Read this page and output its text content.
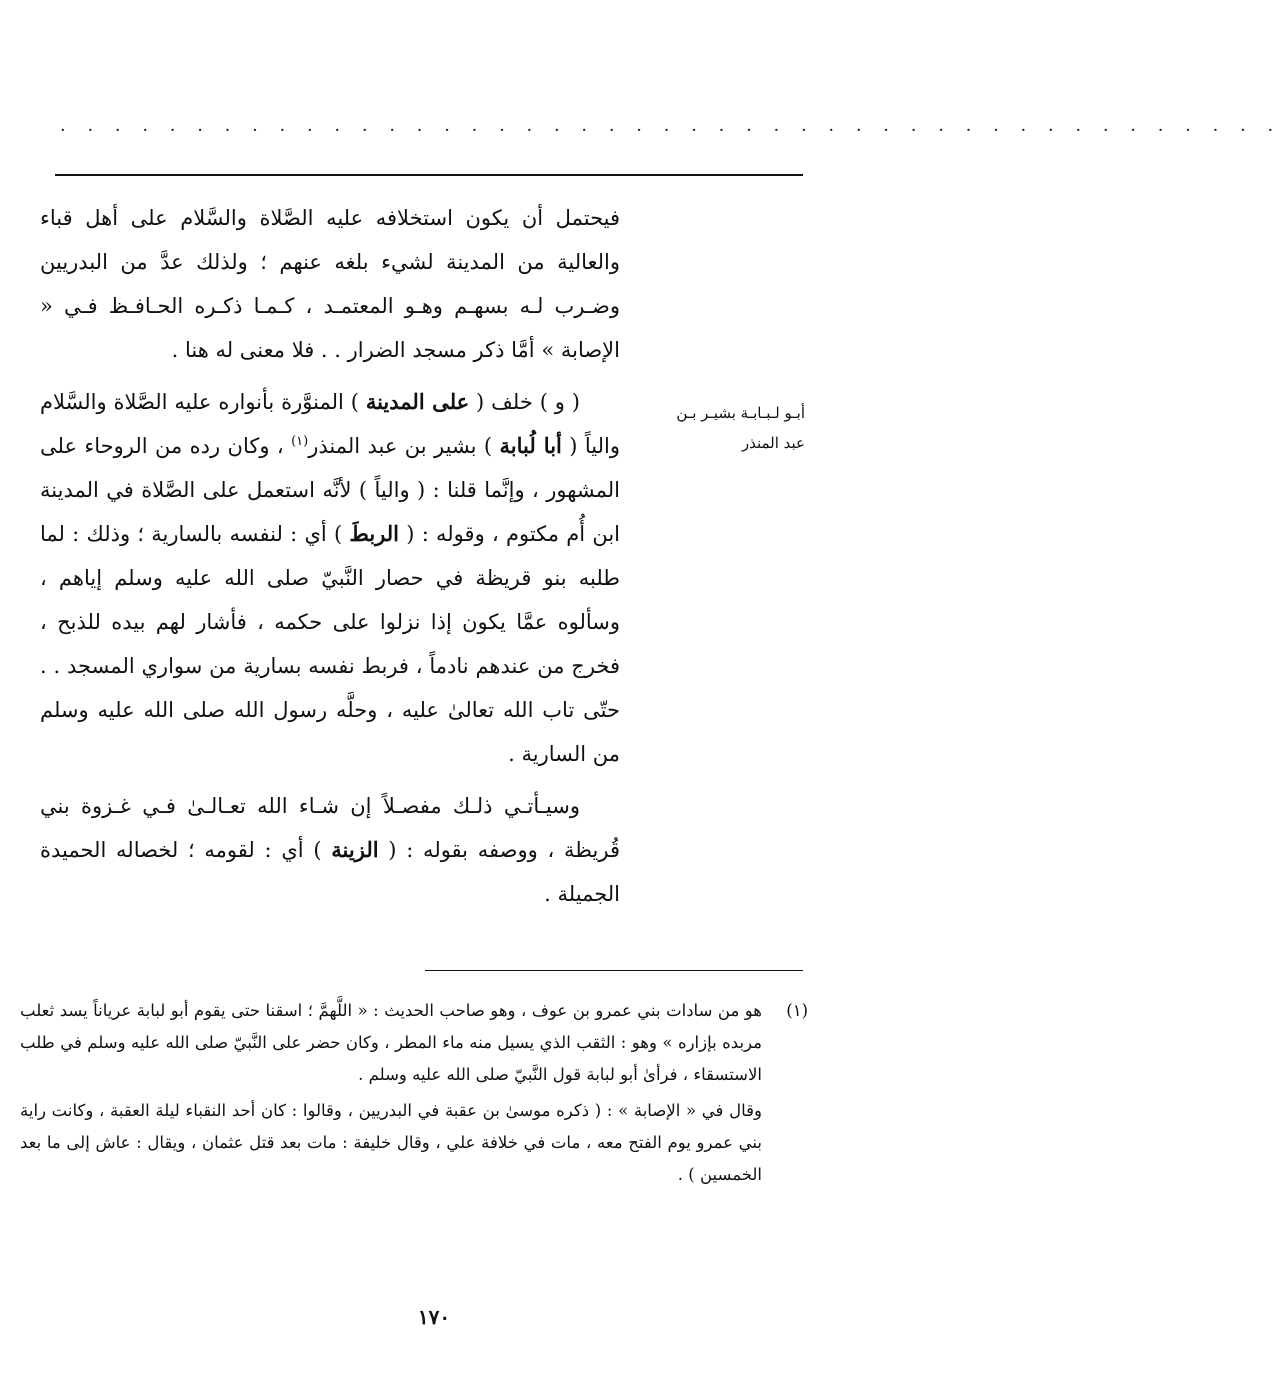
· · · · · · · · · · · · · · · · · · · · · · · · · · · · · · · · · · · · · · · · · · · · ·
أبـو لـبـابـة بشيـر بـن
عبد المنذر

فيحتمل أن يكون استخلافه عليه الصَّلاة والسَّلام على أهل قباء والعالية من المدينة لشيء بلغه عنهم ؛ ولذلك عدَّ من البدريين وضـرب لـه بسهـم وهـو المعتمـد ، كـمـا ذكـره الحـافـظ فـي « الإصابة » أمَّا ذكر مسجد الضرار . . فلا معنى له هنا .

( و ) خلف ( على المدينة ) المنوَّرة بأنواره عليه الصَّلاة والسَّلام والياً ( أبا لُبابة ) بشير بن عبد المنذر$^{(١)}$ ، وكان رده من الروحاء على المشهور ، وإنَّما قلنا : ( والياً ) لأنَّه استعمل على الصَّلاة في المدينة ابن أُم مكتوم ، وقوله : ( الربطَ ) أي : لنفسه بالسارية ؛ وذلك : لما طلبه بنو قريظة في حصار النَّبيّ صلى الله عليه وسلم إياهم ، وسألوه عمَّا يكون إذا نزلوا على حكمه ، فأشار لهم بيده للذبح ، فخرج من عندهم نادماً ، فربط نفسه بسارية من سواري المسجد . . حتّى تاب الله تعالىٰ عليه ، وحلَّه رسول الله صلى الله عليه وسلم من السارية .

وسيـأتـي ذلـك مفصـلاً إن شـاء الله تعـالـىٰ فـي غـزوة بني قُريظة ، ووصفه بقوله : ( الزينة ) أي : لقومه ؛ لخصاله الحميدة الجميلة .

(١)

هو من سادات بني عمرو بن عوف ، وهو صاحب الحديث : « اللَّهمَّ ؛ اسقنا حتى يقوم أبو لبابة عرياناً يسد ثعلب مربده بإزاره » وهو : الثقب الذي يسيل منه ماء المطر ، وكان حضر على النَّبيّ صلى الله عليه وسلم في طلب الاستسقاء ، فرأىٰ أبو لبابة قول النَّبيّ صلى الله عليه وسلم .

وقال في « الإصابة » : ( ذكره موسىٰ بن عقبة في البدريين ، وقالوا : كان أحد النقباء ليلة العقبة ، وكانت راية بني عمرو يوم الفتح معه ، مات في خلافة علي ، وقال خليفة : مات بعد قتل عثمان ، ويقال : عاش إلى ما بعد الخمسين ) .

١٧٠
